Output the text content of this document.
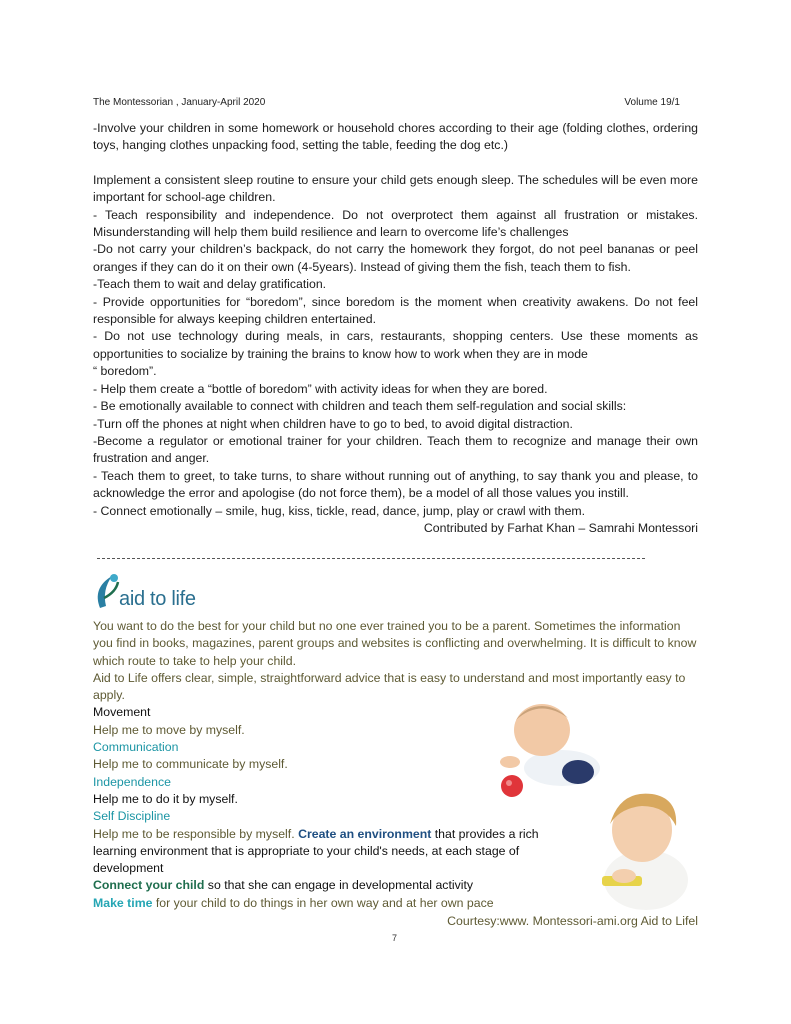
The Montessorian , January-April 2020	Volume 19/1

-Involve your children in some homework or household chores according to their age (folding clothes, ordering toys, hanging clothes unpacking food, setting the table, feeding the dog etc.)

Implement a consistent sleep routine to ensure your child gets enough sleep. The schedules will be even more important for school-age children.

- Teach responsibility and independence. Do not overprotect them against all frustration or mistakes. Misunderstanding will help them build resilience and learn to overcome life’s challenges

-Do not carry your children’s backpack, do not carry the homework they forgot, do not peel bananas or peel oranges if they can do it on their own (4-5years). Instead of giving them the fish, teach them to fish.

-Teach them to wait and delay gratification.

- Provide opportunities for “boredom”, since boredom is the moment when creativity awakens. Do not feel responsible for always keeping children entertained.

- Do not use technology during meals, in cars, restaurants, shopping centers. Use these moments as opportunities to socialize by training the brains to know how to work when they are in mode

“ boredom”.

- Help them create a “bottle of boredom” with activity ideas for when they are bored.

- Be emotionally available to connect with children and teach them self-regulation and social skills:

-Turn off the phones at night when children have to go to bed, to avoid digital distraction.

-Become a regulator or emotional trainer for your children. Teach them to recognize and manage their own frustration and anger.

- Teach them to greet, to take turns, to share without running out of anything, to say thank you and please, to acknowledge the error and apologise (do not force them), be a model of all those values you instill.

- Connect emotionally – smile, hug, kiss, tickle, read, dance, jump, play or crawl with them.

Contributed by Farhat Khan – Samrahi Montessori

aid to life

You want to do the best for your child but no one ever trained you to be a parent. Sometimes the information you find in books, magazines, parent groups and websites is conflicting and overwhelming. It is difficult to know which route to take to help your child.

Aid to Life offers clear, simple, straightforward advice that is easy to understand and most importantly easy to apply.

Movement

Help me to move by myself.

Communication

Help me to communicate by myself.

Independence

Help me to do it by myself.

Self Discipline

Help me to be responsible by myself. Create an environment that provides a rich learning environment that is appropriate to your child's needs, at each stage of development

Connect your child so that she can engage in developmental activity

Make time for your child to do things in her own way and at her own pace

Courtesy:www. Montessori-ami.org Aid to Lifel
7
